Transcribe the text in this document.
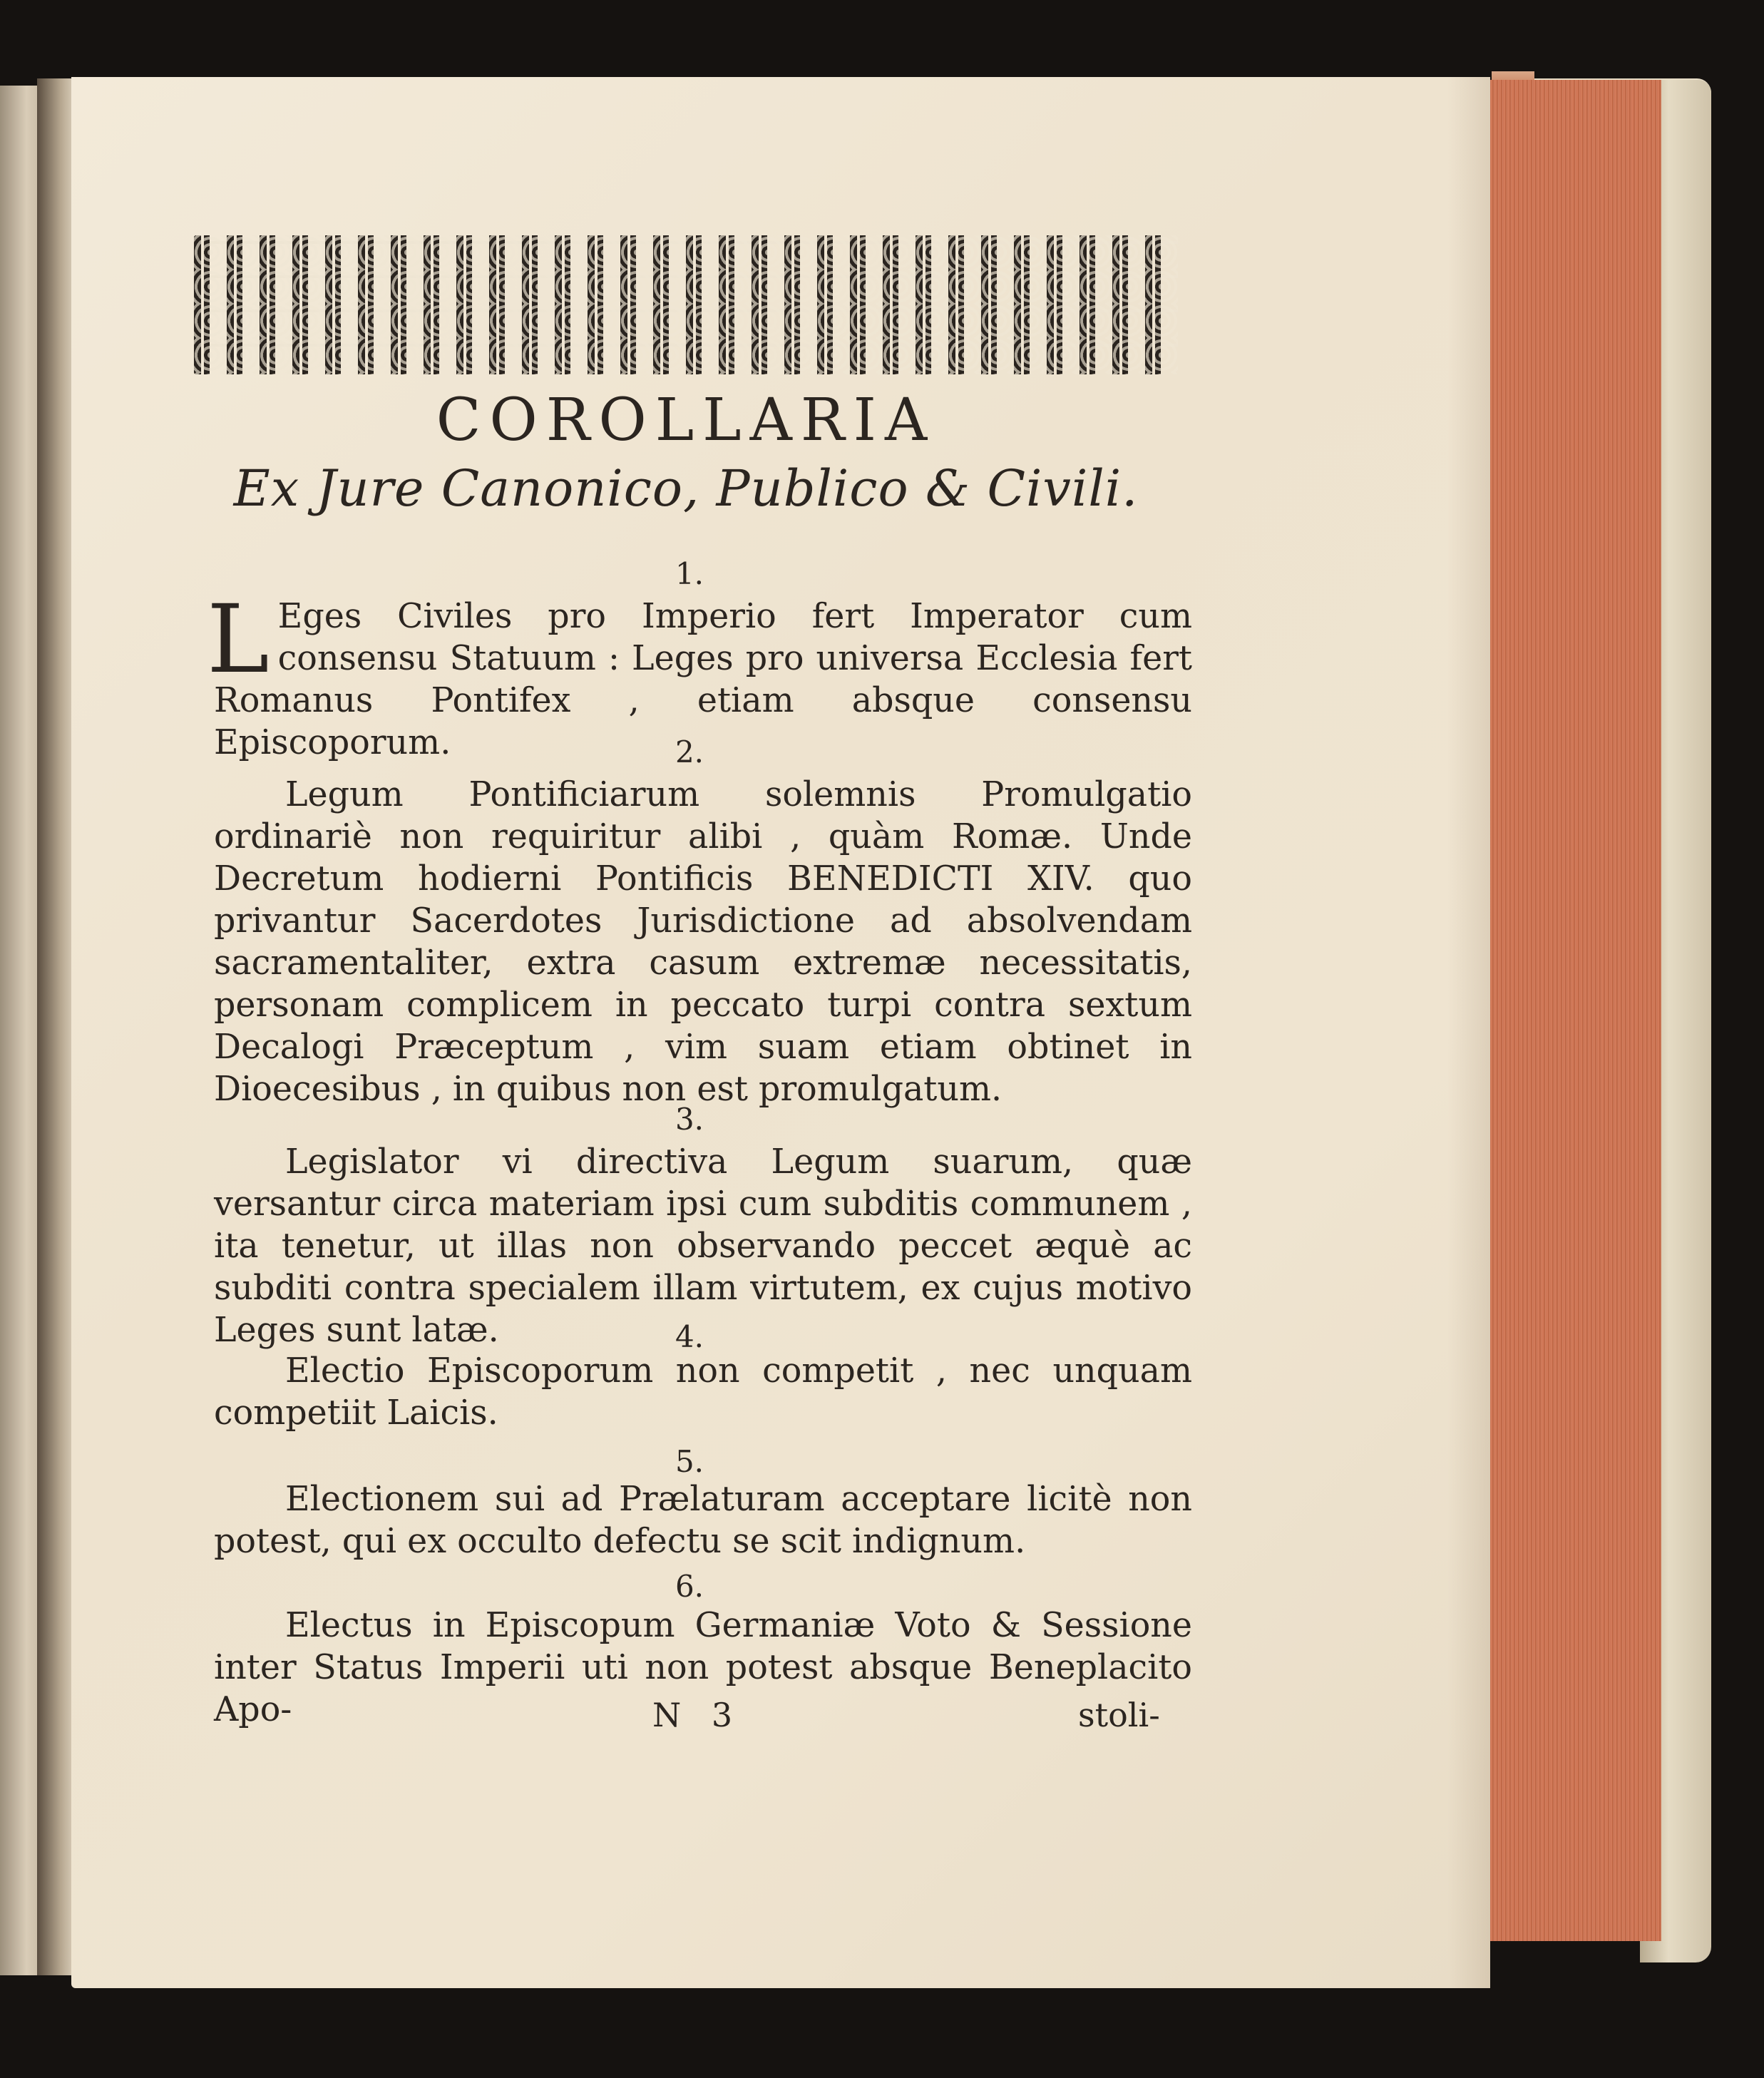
COROLLARIA
Ex Jure Canonico, Publico & Civili.
1.

L Eges Civiles pro Imperio fert Imperator cum consensu Statuum : Leges pro universa Ecclesia fert Romanus Pontifex , etiam absque consensu Episcoporum.	2.

Legum Pontificiarum solemnis Promulgatio ordinariè non requiritur alibi , quàm Romæ. Unde Decretum hodierni Pontificis BENEDICTI XIV. quo privantur Sacerdotes Jurisdictione ad absolvendam sacramentaliter, extra casum extremæ necessitatis, personam complicem in peccato turpi contra sextum Decalogi Præceptum , vim suam etiam obtinet in Dioecesibus , in quibus non est promulgatum.

3.

Legislator vi directiva Legum suarum, quæ versantur circa materiam ipsi cum subditis communem , ita tenetur, ut illas non observando peccet æquè ac subditi contra specialem illam virtutem, ex cujus motivo Leges sunt latæ.	4.

Electio Episcoporum non competit , nec unquam competiit Laicis.

5.

Electionem sui ad Prælaturam acceptare licitè non potest, qui ex occulto defectu se scit indignum.

6.

Electus in Episcopum Germaniæ Voto & Sessione inter Status Imperii uti non potest absque Beneplacito Apo-	N 3	stoli-
